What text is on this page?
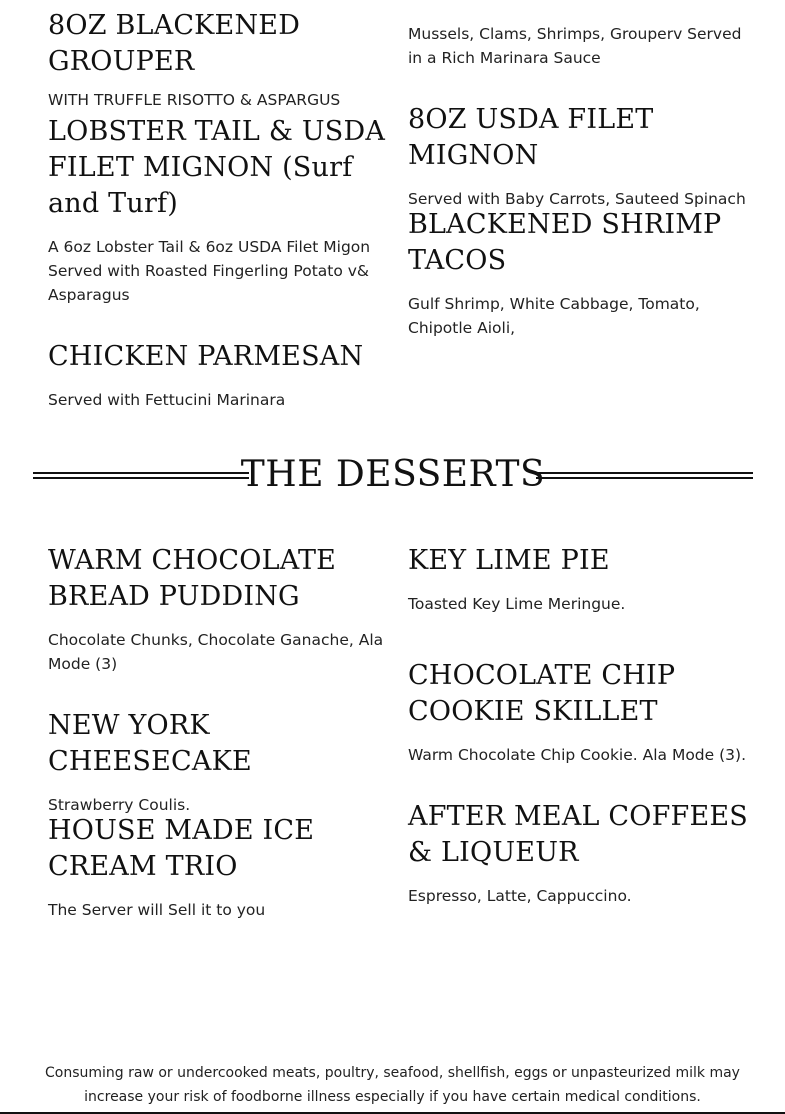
8OZ BLACKENED GROUPER

WITH TRUFFLE RISOTTO & ASPARGUS

LOBSTER TAIL & USDA FILET MIGNON (Surf and Turf)

A 6oz Lobster Tail & 6oz USDA Filet Migon Served with Roasted Fingerling Potato v& Asparagus

CHICKEN PARMESAN

Served with Fettucini Marinara

Mussels, Clams, Shrimps, Grouperv Served in a Rich Marinara Sauce

8OZ USDA FILET MIGNON

Served with Baby Carrots, Sauteed Spinach

BLACKENED SHRIMP TACOS

Gulf Shrimp, White Cabbage, Tomato, Chipotle Aioli,

THE DESSERTS
WARM CHOCOLATE BREAD PUDDING

Chocolate Chunks, Chocolate Ganache, Ala Mode (3)

NEW YORK CHEESECAKE

Strawberry Coulis.

HOUSE MADE ICE CREAM TRIO

The Server will Sell it to you

KEY LIME PIE

Toasted Key Lime Meringue.

CHOCOLATE CHIP COOKIE SKILLET

Warm Chocolate Chip Cookie. Ala Mode (3).

AFTER MEAL COFFEES & LIQUEUR

Espresso, Latte, Cappuccino.

Consuming raw or undercooked meats, poultry, seafood, shellfish, eggs or unpasteurized milk may increase your risk of foodborne illness especially if you have certain medical conditions.
